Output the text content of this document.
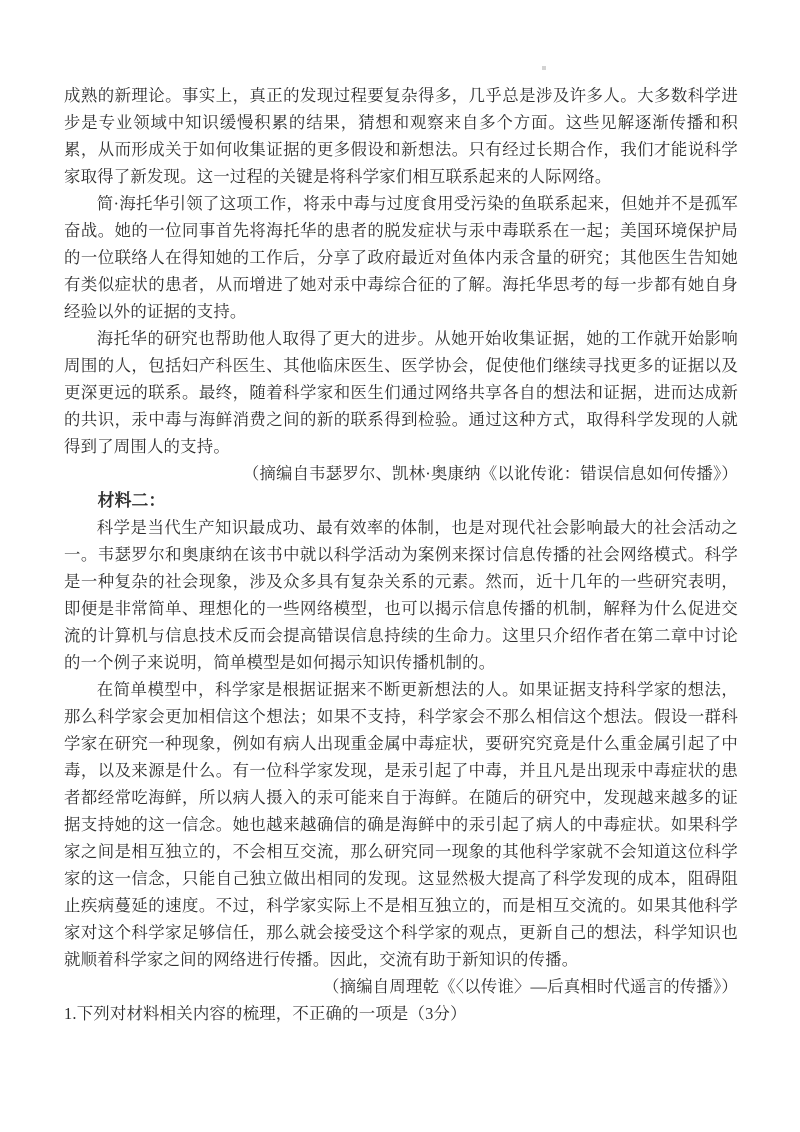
成熟的新理论。事实上，真正的发现过程要复杂得多，几乎总是涉及许多人。大多数科学进步是专业领域中知识缓慢积累的结果，猜想和观察来自多个方面。这些见解逐渐传播和积累，从而形成关于如何收集证据的更多假设和新想法。只有经过长期合作，我们才能说科学家取得了新发现。这一过程的关键是将科学家们相互联系起来的人际网络。

简·海托华引领了这项工作，将汞中毒与过度食用受污染的鱼联系起来，但她并不是孤军奋战。她的一位同事首先将海托华的患者的脱发症状与汞中毒联系在一起；美国环境保护局的一位联络人在得知她的工作后，分享了政府最近对鱼体内汞含量的研究；其他医生告知她有类似症状的患者，从而增进了她对汞中毒综合征的了解。海托华思考的每一步都有她自身经验以外的证据的支持。

海托华的研究也帮助他人取得了更大的进步。从她开始收集证据，她的工作就开始影响周围的人，包括妇产科医生、其他临床医生、医学协会，促使他们继续寻找更多的证据以及更深更远的联系。最终，随着科学家和医生们通过网络共享各自的想法和证据，进而达成新的共识，汞中毒与海鲜消费之间的新的联系得到检验。通过这种方式，取得科学发现的人就得到了周围人的支持。

（摘编自韦瑟罗尔、凯林·奥康纳《以讹传讹：错误信息如何传播》）

材料二：

科学是当代生产知识最成功、最有效率的体制，也是对现代社会影响最大的社会活动之一。韦瑟罗尔和奥康纳在该书中就以科学活动为案例来探讨信息传播的社会网络模式。科学是一种复杂的社会现象，涉及众多具有复杂关系的元素。然而，近十几年的一些研究表明，即便是非常简单、理想化的一些网络模型，也可以揭示信息传播的机制，解释为什么促进交流的计算机与信息技术反而会提高错误信息持续的生命力。这里只介绍作者在第二章中讨论的一个例子来说明，简单模型是如何揭示知识传播机制的。

在简单模型中，科学家是根据证据来不断更新想法的人。如果证据支持科学家的想法，那么科学家会更加相信这个想法；如果不支持，科学家会不那么相信这个想法。假设一群科学家在研究一种现象，例如有病人出现重金属中毒症状，要研究究竟是什么重金属引起了中毒，以及来源是什么。有一位科学家发现，是汞引起了中毒，并且凡是出现汞中毒症状的患者都经常吃海鲜，所以病人摄入的汞可能来自于海鲜。在随后的研究中，发现越来越多的证据支持她的这一信念。她也越来越确信的确是海鲜中的汞引起了病人的中毒症状。如果科学家之间是相互独立的，不会相互交流，那么研究同一现象的其他科学家就不会知道这位科学家的这一信念，只能自己独立做出相同的发现。这显然极大提高了科学发现的成本，阻碍阻止疾病蔓延的速度。不过，科学家实际上不是相互独立的，而是相互交流的。如果其他科学家对这个科学家足够信任，那么就会接受这个科学家的观点，更新自己的想法，科学知识也就顺着科学家之间的网络进行传播。因此，交流有助于新知识的传播。

（摘编自周理乾《〈以传谁〉—后真相时代遥言的传播》）

1.下列对材料相关内容的梳理，不正确的一项是（3分）
